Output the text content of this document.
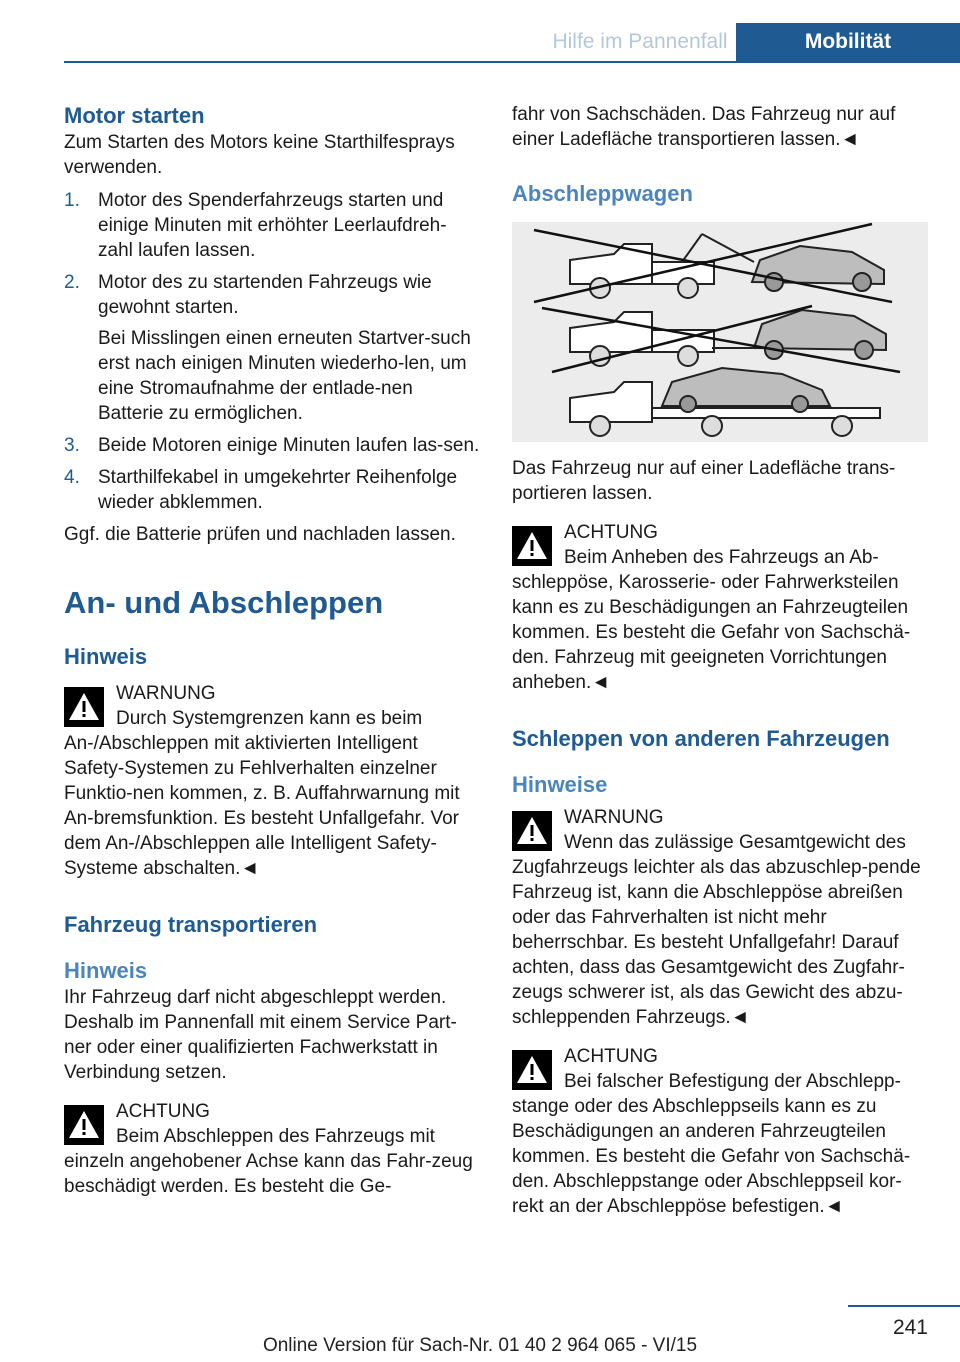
Hilfe im Pannenfall	Mobilität
Motor starten

Zum Starten des Motors keine Starthilfesprays verwenden.

1. Motor des Spenderfahrzeugs starten und einige Minuten mit erhöhter Leerlaufdreh-zahl laufen lassen.
2. Motor des zu startenden Fahrzeugs wie gewohnt starten.

Bei Misslingen einen erneuten Startver-such erst nach einigen Minuten wiederho-len, um eine Stromaufnahme der entlade-nen Batterie zu ermöglichen.

3. Beide Motoren einige Minuten laufen las-sen.
4. Starthilfekabel in umgekehrter Reihenfolge wieder abklemmen.

Ggf. die Batterie prüfen und nachladen lassen.

An- und Abschleppen
Hinweis
WARNUNG
Durch Systemgrenzen kann es beim An-/Abschleppen mit aktivierten Intelligent Safety-Systemen zu Fehlverhalten einzelner Funktio-nen kommen, z. B. Auffahrwarnung mit An-bremsfunktion. Es besteht Unfallgefahr. Vor dem An-/Abschleppen alle Intelligent Safety-Systeme abschalten.◄
Fahrzeug transportieren
Hinweis

Ihr Fahrzeug darf nicht abgeschleppt werden. Deshalb im Pannenfall mit einem Service Part-ner oder einer qualifizierten Fachwerkstatt in Verbindung setzen.

ACHTUNG
Beim Abschleppen des Fahrzeugs mit einzeln angehobener Achse kann das Fahr-zeug beschädigt werden. Es besteht die Ge-

fahr von Sachschäden. Das Fahrzeug nur auf einer Ladefläche transportieren lassen.◄

Abschleppwagen

Das Fahrzeug nur auf einer Ladefläche trans-portieren lassen.

ACHTUNG
Beim Anheben des Fahrzeugs an Ab-schleppöse, Karosserie- oder Fahrwerksteilen kann es zu Beschädigungen an Fahrzeugteilen kommen. Es besteht die Gefahr von Sachschä-den. Fahrzeug mit geeigneten Vorrichtungen anheben.◄
Schleppen von anderen Fahrzeugen
Hinweise
WARNUNG
Wenn das zulässige Gesamtgewicht des Zugfahrzeugs leichter als das abzuschlep-pende Fahrzeug ist, kann die Abschleppöse abreißen oder das Fahrverhalten ist nicht mehr beherrschbar. Es besteht Unfallgefahr! Darauf achten, dass das Gesamtgewicht des Zugfahr-zeugs schwerer ist, als das Gewicht des abzu-schleppenden Fahrzeugs.◄
ACHTUNG
Bei falscher Befestigung der Abschlepp-stange oder des Abschleppseils kann es zu Beschädigungen an anderen Fahrzeugteilen kommen. Es besteht die Gefahr von Sachschä-den. Abschleppstange oder Abschleppseil kor-rekt an der Abschleppöse befestigen.◄
241
Online Version für Sach-Nr. 01 40 2 964 065 - VI/15
